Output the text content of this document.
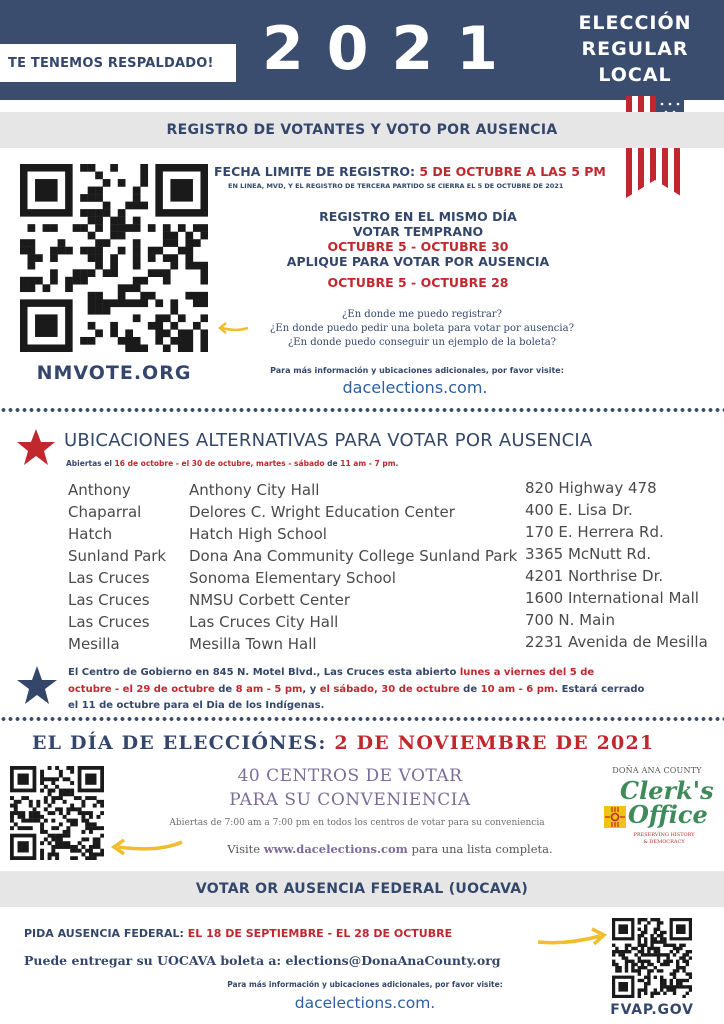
TE TENEMOS RESPALDADO! 2021	ELECCIÓN
REGULAR
LOCAL
REGISTRO DE VOTANTES Y VOTO POR AUSENCIA
NMVOTE.ORG
FECHA LIMITE DE REGISTRO: 5 DE OCTUBRE A LAS 5 PM
EN LINEA, MVD, Y EL REGISTRO DE TERCERA PARTIDO SE CIERRA EL 5 DE OCTUBRE DE 2021
REGISTRO EN EL MISMO DÍA
VOTAR TEMPRANO
OCTUBRE 5 - OCTUBRE 30
APLIQUE PARA VOTAR POR AUSENCIA
OCTUBRE 5 - OCTUBRE 28
¿En donde me puedo registrar?
¿En donde puedo pedir una boleta para votar por ausencia?
¿En donde puedo conseguir un ejemplo de la boleta?
Para más información y ubicaciones adicionales, por favor visite:
dacelections.com.
UBICACIONES ALTERNATIVAS PARA VOTAR POR AUSENCIA
Abiertas el 16 de octobre - el 30 de octubre, martes - sábado de 11 am - 7 pm.
Anthony
Chaparral
Hatch
Sunland Park
Las Cruces
Las Cruces
Las Cruces
Mesilla
Anthony City Hall
Delores C. Wright Education Center
Hatch High School
Dona Ana Community College Sunland Park
Sonoma Elementary School
NMSU Corbett Center
Las Cruces City Hall
Mesilla Town Hall
820 Highway 478
400 E. Lisa Dr.
170 E. Herrera Rd.
3365 McNutt Rd.
4201 Northrise Dr.
1600 International Mall
700 N. Main
2231 Avenida de Mesilla
El Centro de Gobierno en 845 N. Motel Blvd., Las Cruces esta abierto lunes a viernes del 5 de
octubre - el 29 de octubre de 8 am - 5 pm, y el sábado, 30 de octubre de 10 am - 6 pm. Estará cerrado
el 11 de octubre para el Dia de los Indígenas.
EL DÍA DE ELECCIÓNES: 2 DE NOVIEMBRE DE 2021
40 CENTROS DE VOTAR
PARA SU CONVENIENCIA
Abiertas de 7:00 am a 7:00 pm en todos los centros de votar para su conveniencia
Visite www.dacelections.com para una lista completa.
DOÑA ANA COUNTY
Clerk's
Office
PRESERVING HISTORY
& DEMOCRACY
VOTAR OR AUSENCIA FEDERAL (UOCAVA)
PIDA AUSENCIA FEDERAL: EL 18 DE SEPTIEMBRE - EL 28 DE OCTUBRE
Puede entregar su UOCAVA boleta a: elections@DonaAnaCounty.org
Para más información y ubicaciones adicionales, por favor visite:
dacelections.com.	FVAP.GOV
